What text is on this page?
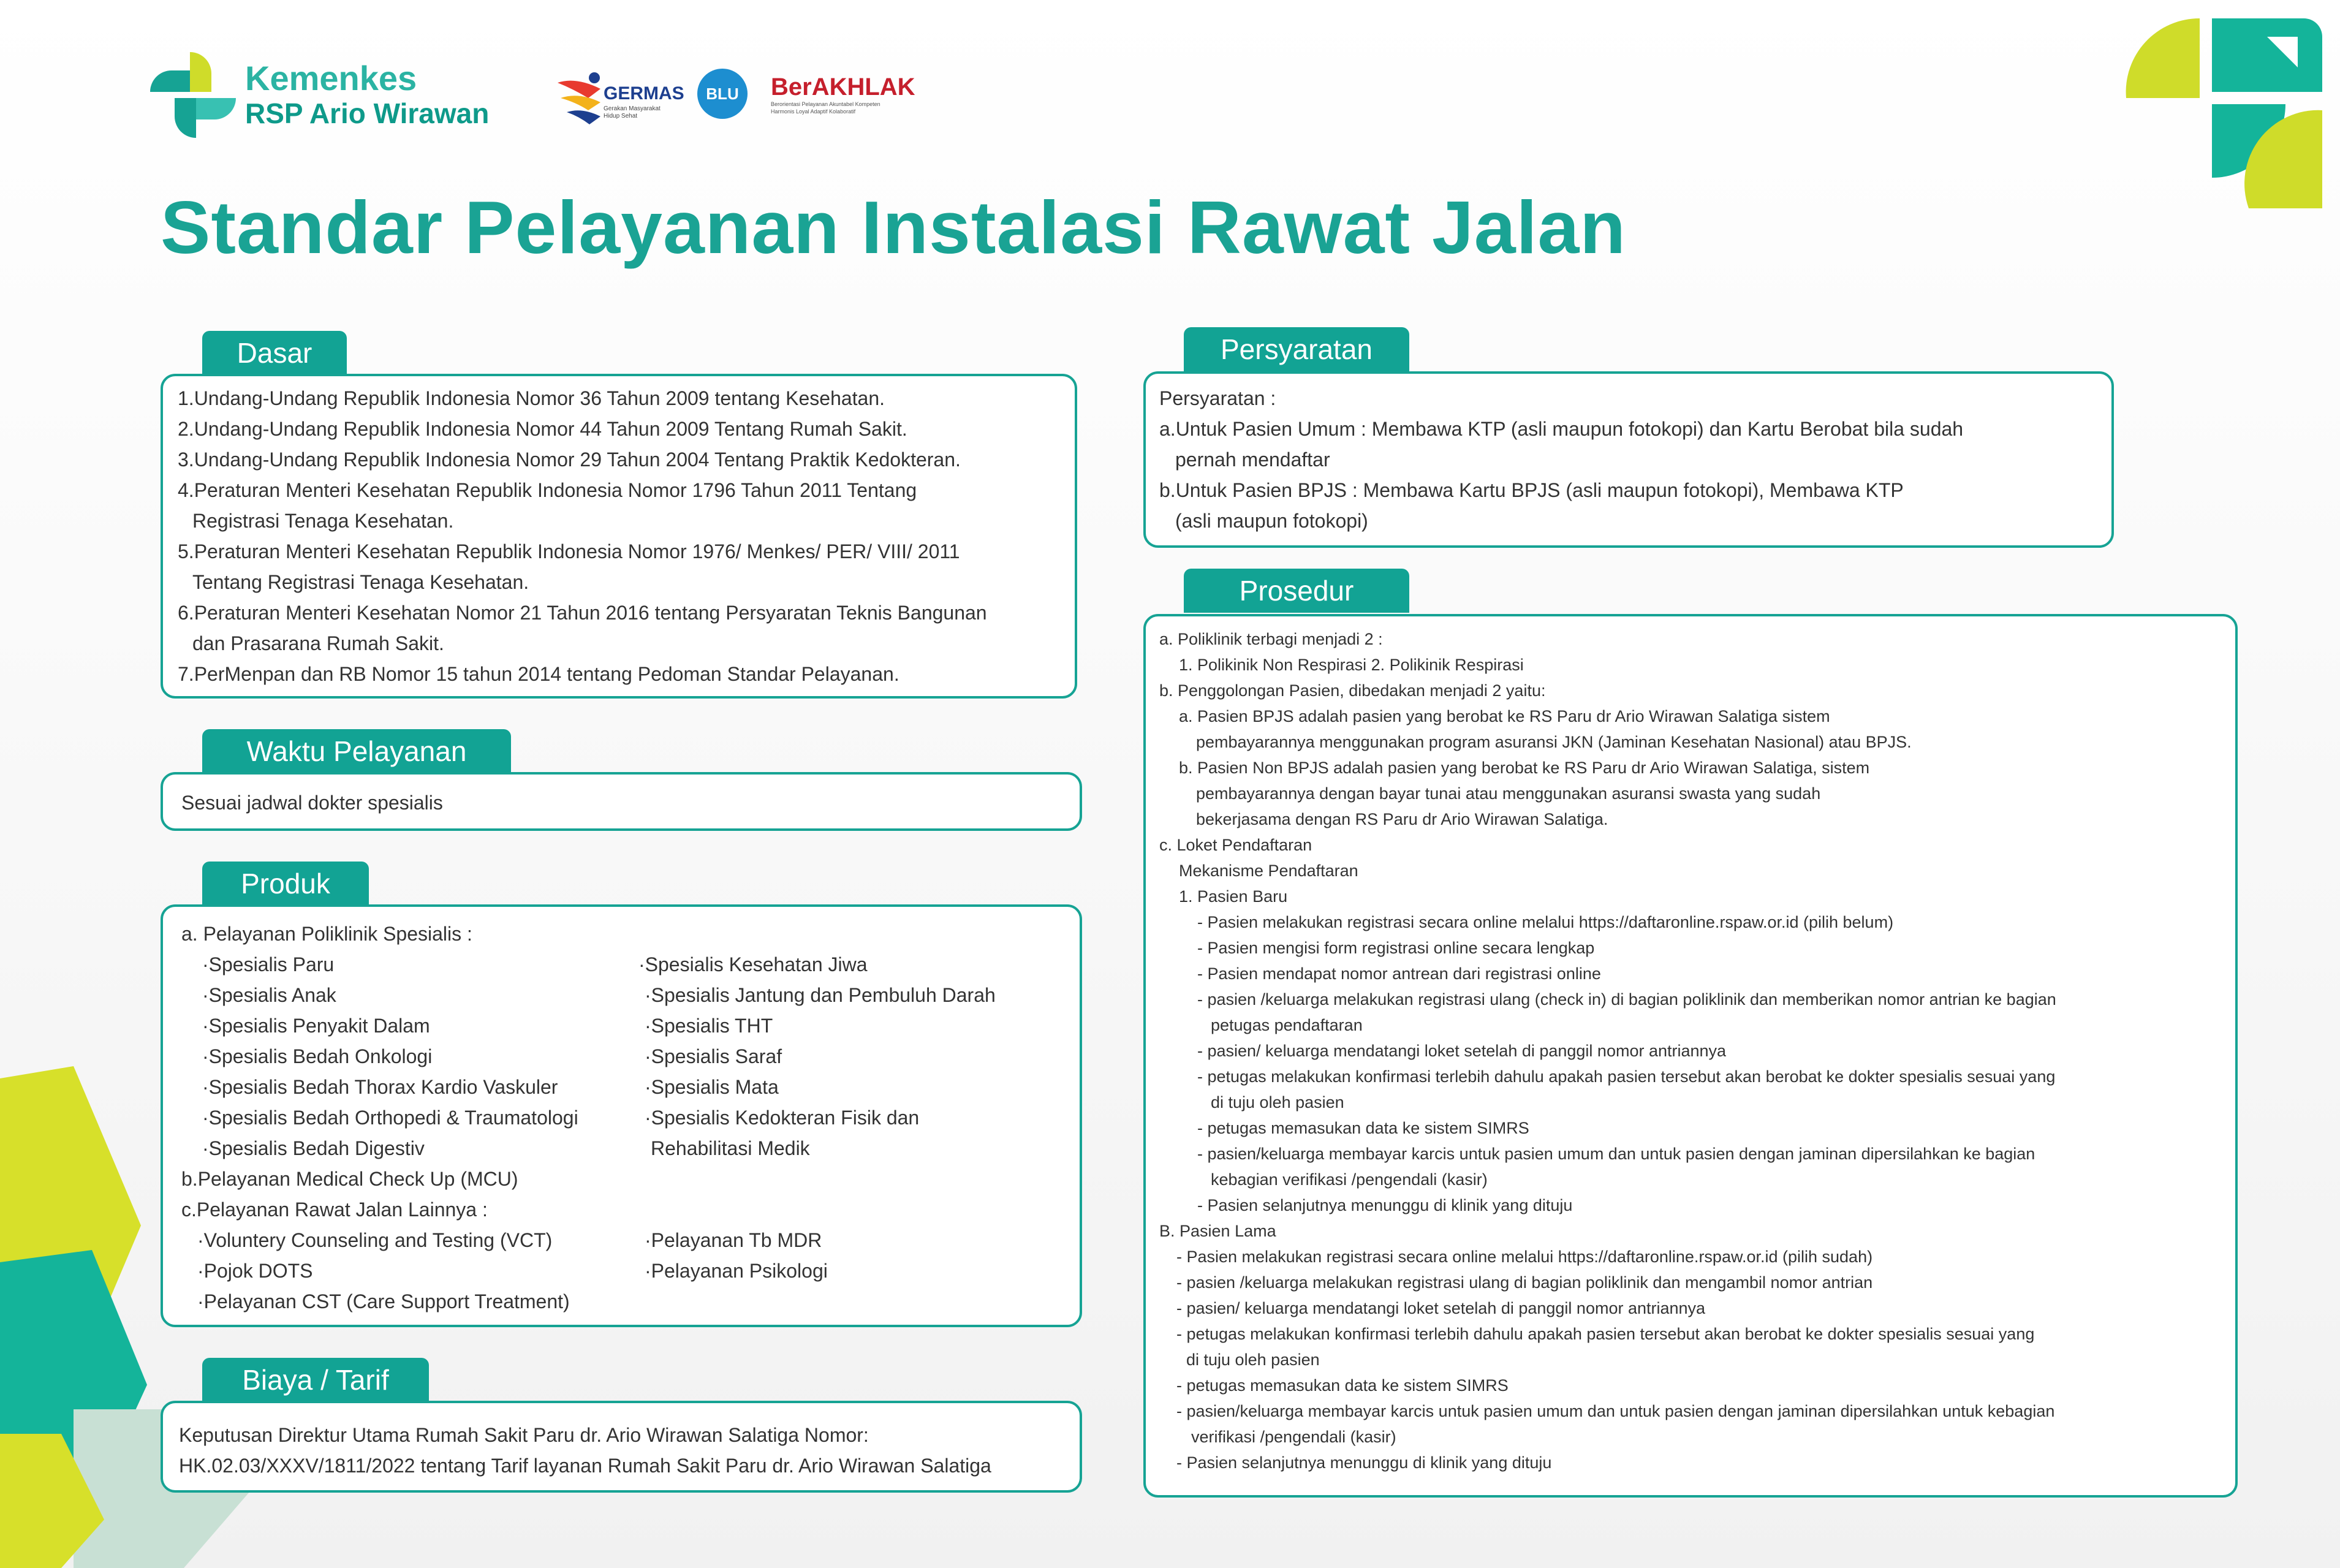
Kemenkes
RSP Ario Wirawan
GERMAS
Gerakan Masyarakat Hidup Sehat
BLU	BerAKHLAK
Berorientasi Pelayanan Akuntabel Kompeten Harmonis Loyal Adaptif Kolaboratif
Standar Pelayanan Instalasi Rawat Jalan
Dasar
1.Undang-Undang Republik Indonesia Nomor 36 Tahun 2009 tentang Kesehatan.
2.Undang-Undang Republik Indonesia Nomor 44 Tahun 2009 Tentang Rumah Sakit.
3.Undang-Undang Republik Indonesia Nomor 29 Tahun 2004 Tentang Praktik Kedokteran.
4.Peraturan Menteri Kesehatan Republik Indonesia Nomor 1796 Tahun 2011 Tentang
Registrasi Tenaga Kesehatan.
5.Peraturan Menteri Kesehatan Republik Indonesia Nomor 1976/ Menkes/ PER/ VIII/ 2011
Tentang Registrasi Tenaga Kesehatan.
6.Peraturan Menteri Kesehatan Nomor 21 Tahun 2016 tentang Persyaratan Teknis Bangunan
dan Prasarana Rumah Sakit.
7.PerMenpan dan RB Nomor 15 tahun 2014 tentang Pedoman Standar Pelayanan.
Waktu Pelayanan
Sesuai jadwal dokter spesialis
Produk
a. Pelayanan Poliklinik Spesialis :
·Spesialis Paru
·Spesialis Anak
·Spesialis Penyakit Dalam
·Spesialis Bedah Onkologi
·Spesialis Bedah Thorax Kardio Vaskuler
·Spesialis Bedah Orthopedi & Traumatologi
·Spesialis Bedah Digestiv
b.Pelayanan Medical Check Up (MCU)
c.Pelayanan Rawat Jalan Lainnya :
·Voluntery Counseling and Testing (VCT)
·Pojok DOTS
·Pelayanan CST (Care Support Treatment)
·Spesialis Kesehatan Jiwa
·Spesialis Jantung dan Pembuluh Darah
·Spesialis THT
·Spesialis Saraf
·Spesialis Mata
·Spesialis Kedokteran Fisik dan
Rehabilitasi Medik
·Pelayanan Tb MDR
·Pelayanan Psikologi
Biaya / Tarif
Keputusan Direktur Utama Rumah Sakit Paru dr. Ario Wirawan Salatiga Nomor:
HK.02.03/XXXV/1811/2022 tentang Tarif layanan Rumah Sakit Paru dr. Ario Wirawan Salatiga
Persyaratan
Persyaratan :
a.Untuk Pasien Umum : Membawa KTP (asli maupun fotokopi) dan Kartu Berobat bila sudah
pernah mendaftar
b.Untuk Pasien BPJS : Membawa Kartu BPJS (asli maupun fotokopi), Membawa KTP
(asli maupun fotokopi)
Prosedur
a. Poliklinik terbagi menjadi 2 :
1. Polikinik Non Respirasi 2. Polikinik Respirasi
b. Penggolongan Pasien, dibedakan menjadi 2 yaitu:
a. Pasien BPJS adalah pasien yang berobat ke RS Paru dr Ario Wirawan Salatiga sistem
pembayarannya menggunakan program asuransi JKN (Jaminan Kesehatan Nasional) atau BPJS.
b. Pasien Non BPJS adalah pasien yang berobat ke RS Paru dr Ario Wirawan Salatiga, sistem
pembayarannya dengan bayar tunai atau menggunakan asuransi swasta yang sudah
bekerjasama dengan RS Paru dr Ario Wirawan Salatiga.
c. Loket Pendaftaran
Mekanisme Pendaftaran
1. Pasien Baru
- Pasien melakukan registrasi secara online melalui https://daftaronline.rspaw.or.id (pilih belum)
- Pasien mengisi form registrasi online secara lengkap
- Pasien mendapat nomor antrean dari registrasi online
- pasien /keluarga melakukan registrasi ulang (check in) di bagian poliklinik dan memberikan nomor antrian ke bagian
petugas pendaftaran
- pasien/ keluarga mendatangi loket setelah di panggil nomor antriannya
- petugas melakukan konfirmasi terlebih dahulu apakah pasien tersebut akan berobat ke dokter spesialis sesuai yang
di tuju oleh pasien
- petugas memasukan data ke sistem SIMRS
- pasien/keluarga membayar karcis untuk pasien umum dan untuk pasien dengan jaminan dipersilahkan ke bagian
kebagian verifikasi /pengendali (kasir)
- Pasien selanjutnya menunggu di klinik yang dituju
B. Pasien Lama
- Pasien melakukan registrasi secara online melalui https://daftaronline.rspaw.or.id (pilih sudah)
- pasien /keluarga melakukan registrasi ulang di bagian poliklinik dan mengambil nomor antrian
- pasien/ keluarga mendatangi loket setelah di panggil nomor antriannya
- petugas melakukan konfirmasi terlebih dahulu apakah pasien tersebut akan berobat ke dokter spesialis sesuai yang
di tuju oleh pasien
- petugas memasukan data ke sistem SIMRS
- pasien/keluarga membayar karcis untuk pasien umum dan untuk pasien dengan jaminan dipersilahkan untuk kebagian
verifikasi /pengendali (kasir)
- Pasien selanjutnya menunggu di klinik yang dituju
